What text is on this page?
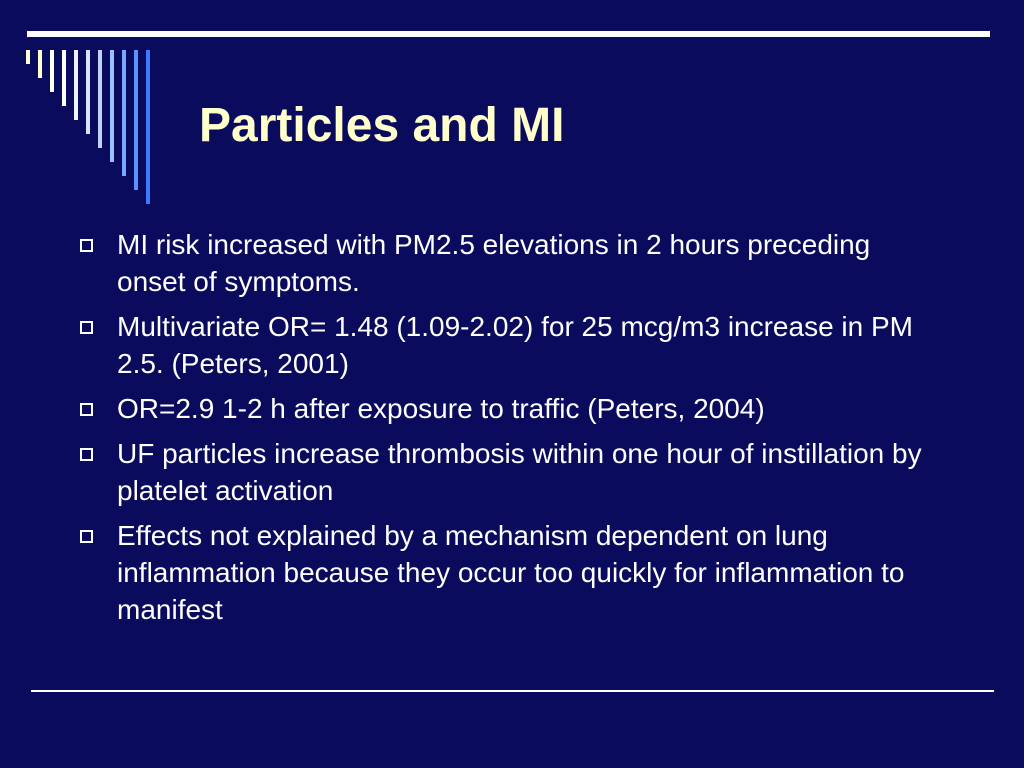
Particles and MI
MI risk increased with PM2.5 elevations in 2 hours preceding onset of symptoms.
Multivariate OR= 1.48 (1.09-2.02) for 25 mcg/m3 increase in PM 2.5. (Peters, 2001)
OR=2.9 1-2 h after exposure to traffic (Peters, 2004)
UF particles increase thrombosis within one hour of instillation by platelet activation
Effects not explained by a mechanism dependent on lung inflammation because they occur too quickly for inflammation to manifest
